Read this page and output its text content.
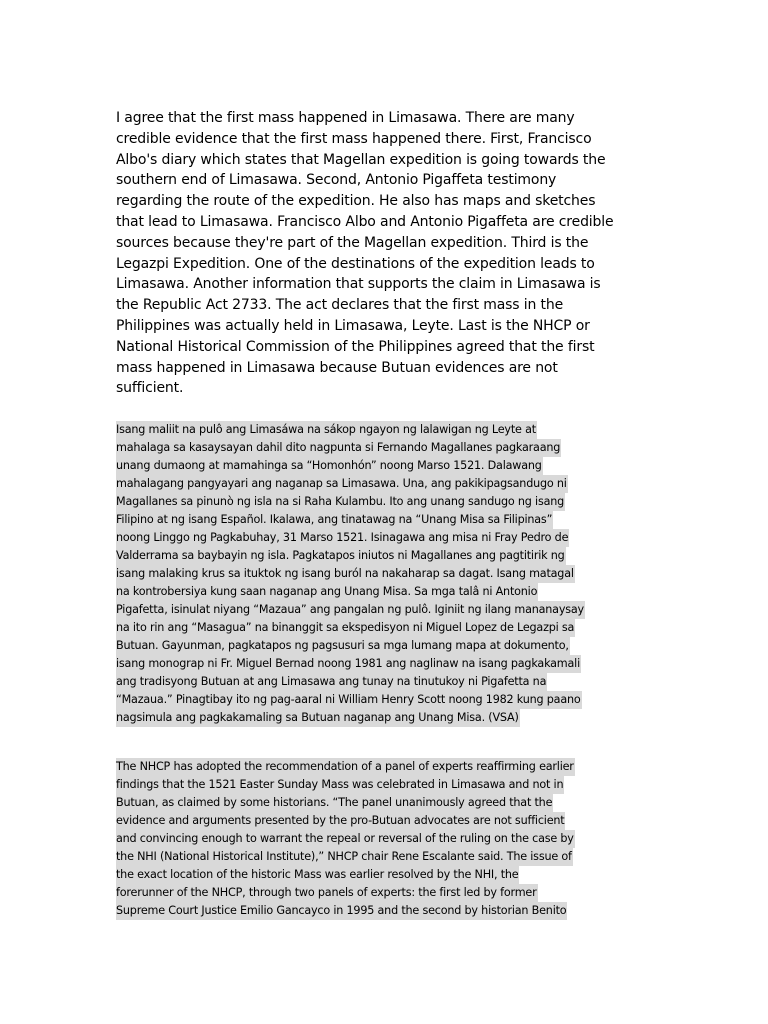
I agree that the first mass happened in Limasawa. There are many
credible evidence that the first mass happened there. First, Francisco
Albo's diary which states that Magellan expedition is going towards the
southern end of Limasawa. Second, Antonio Pigaffeta testimony
regarding the route of the expedition. He also has maps and sketches
that lead to Limasawa. Francisco Albo and Antonio Pigaffeta are credible
sources because they're part of the Magellan expedition. Third is the
Legazpi Expedition. One of the destinations of the expedition leads to
Limasawa. Another information that supports the claim in Limasawa is
the Republic Act 2733. The act declares that the first mass in the
Philippines was actually held in Limasawa, Leyte. Last is the NHCP or
National Historical Commission of the Philippines agreed that the first
mass happened in Limasawa because Butuan evidences are not
sufficient.
Isang maliit na pulô ang Limasáwa na sákop ngayon ng lalawigan ng Leyte at
mahalaga sa kasaysayan dahil dito nagpunta si Fernando Magallanes pagkaraang
unang dumaong at mamahinga sa “Homonhón” noong Marso 1521. Dalawang
mahalagang pangyayari ang naganap sa Limasawa. Una, ang pakikipagsandugo ni
Magallanes sa pinunò ng isla na si Raha Kulambu. Ito ang unang sandugo ng isang
Filipino at ng isang Español. Ikalawa, ang tinatawag na “Unang Misa sa Filipinas”
noong Linggo ng Pagkabuhay, 31 Marso 1521. Isinagawa ang misa ni Fray Pedro de
Valderrama sa baybayin ng isla. Pagkatapos iniutos ni Magallanes ang pagtitirik ng
isang malaking krus sa ituktok ng isang buról na nakaharap sa dagat. Isang matagal
na kontrobersiya kung saan naganap ang Unang Misa. Sa mga talâ ni Antonio
Pigafetta, isinulat niyang “Mazaua” ang pangalan ng pulô. Iginiit ng ilang mananaysay
na ito rin ang “Masagua” na binanggit sa ekspedisyon ni Miguel Lopez de Legazpi sa
Butuan. Gayunman, pagkatapos ng pagsusuri sa mga lumang mapa at dokumento,
isang monograp ni Fr. Miguel Bernad noong 1981 ang naglinaw na isang pagkakamali
ang tradisyong Butuan at ang Limasawa ang tunay na tinutukoy ni Pigafetta na
“Mazaua.” Pinagtibay ito ng pag-aaral ni William Henry Scott noong 1982 kung paano
nagsimula ang pagkakamaling sa Butuan naganap ang Unang Misa. (VSA)
The NHCP has adopted the recommendation of a panel of experts reaffirming earlier
findings that the 1521 Easter Sunday Mass was celebrated in Limasawa and not in
Butuan, as claimed by some historians. “The panel unanimously agreed that the
evidence and arguments presented by the pro-Butuan advocates are not sufficient
and convincing enough to warrant the repeal or reversal of the ruling on the case by
the NHI (National Historical Institute),” NHCP chair Rene Escalante said. The issue of
the exact location of the historic Mass was earlier resolved by the NHI, the
forerunner of the NHCP, through two panels of experts: the first led by former
Supreme Court Justice Emilio Gancayco in 1995 and the second by historian Benito
